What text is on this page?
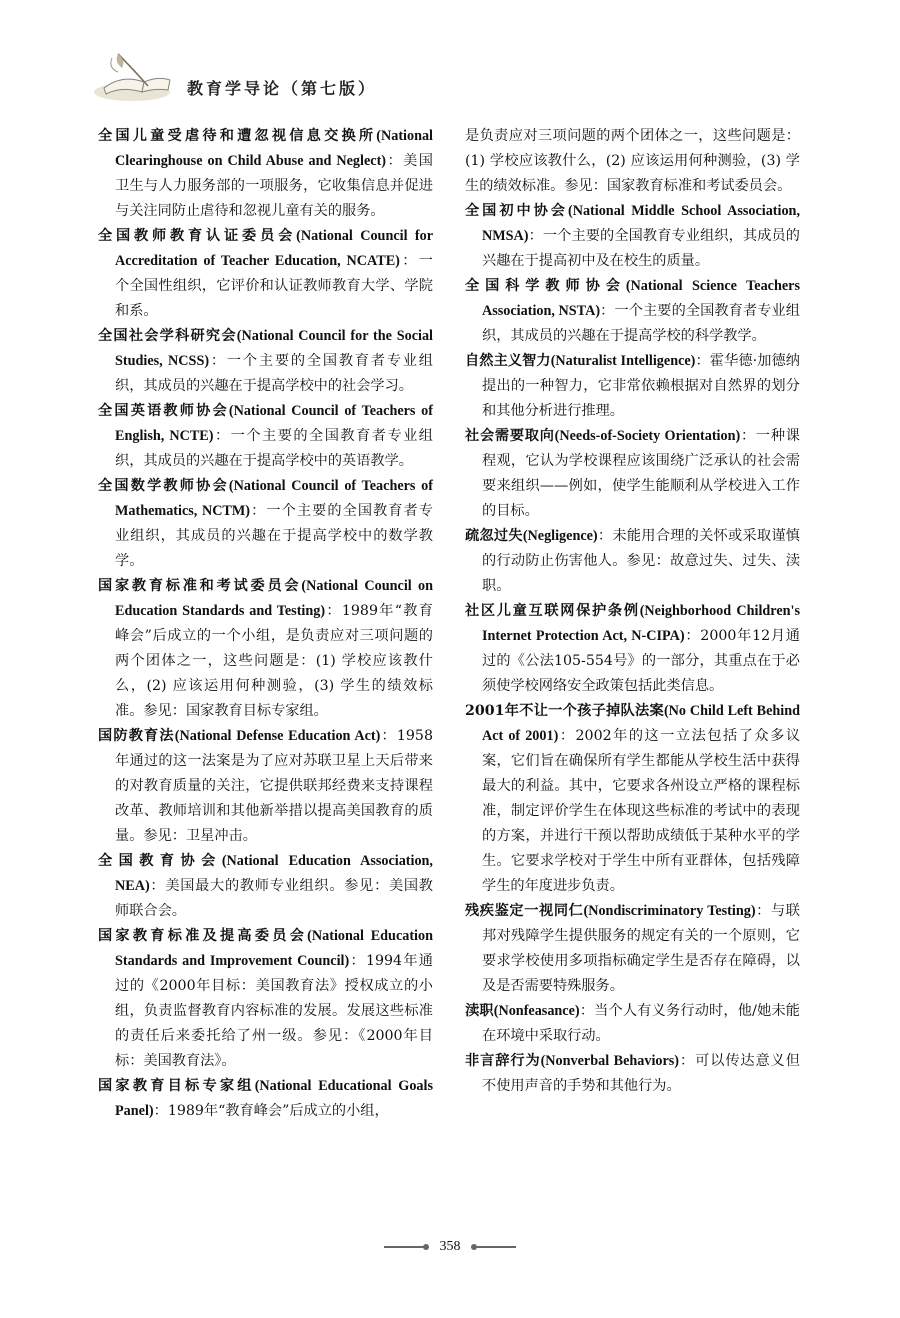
教育学导论（第七版）
全国儿童受虐待和遭忽视信息交换所(National Clearinghouse on Child Abuse and Neglect)：美国卫生与人力服务部的一项服务，它收集信息并促进与关注同防止虐待和忽视儿童有关的服务。
全国教师教育认证委员会(National Council for Accreditation of Teacher Education, NCATE)：一个全国性组织，它评价和认证教师教育大学、学院和系。
全国社会学科研究会(National Council for the Social Studies, NCSS)：一个主要的全国教育者专业组织，其成员的兴趣在于提高学校中的社会学习。
全国英语教师协会(National Council of Teachers of English, NCTE)：一个主要的全国教育者专业组织，其成员的兴趣在于提高学校中的英语教学。
全国数学教师协会(National Council of Teachers of Mathematics, NCTM)：一个主要的全国教育者专业组织，其成员的兴趣在于提高学校中的数学教学。
国家教育标准和考试委员会(National Council on Education Standards and Testing)：1989年“教育峰会”后成立的一个小组，是负责应对三项问题的两个团体之一，这些问题是：(1) 学校应该教什么，(2) 应该运用何种测验，(3) 学生的绩效标准。参见：国家教育目标专家组。
国防教育法(National Defense Education Act)：1958年通过的这一法案是为了应对苏联卫星上天后带来的对教育质量的关注，它提供联邦经费来支持课程改革、教师培训和其他新举措以提高美国教育的质量。参见：卫星冲击。
全国教育协会(National Education Association, NEA)：美国最大的教师专业组织。参见：美国教师联合会。
国家教育标准及提高委员会(National Education Standards and Improvement Council)：1994年通过的《2000年目标：美国教育法》授权成立的小组，负责监督教育内容标准的发展。发展这些标准的责任后来委托给了州一级。参见：《2000年目标：美国教育法》。
国家教育目标专家组(National Educational Goals Panel)：1989年“教育峰会”后成立的小组，
是负责应对三项问题的两个团体之一，这些问题是：(1) 学校应该教什么，(2) 应该运用何种测验，(3) 学生的绩效标准。参见：国家教育标准和考试委员会。
全国初中协会(National Middle School Association, NMSA)：一个主要的全国教育专业组织，其成员的兴趣在于提高初中及在校生的质量。
全国科学教师协会(National Science Teachers Association, NSTA)：一个主要的全国教育者专业组织，其成员的兴趣在于提高学校的科学教学。
自然主义智力(Naturalist Intelligence)：霍华德·加德纳提出的一种智力，它非常依赖根据对自然界的划分和其他分析进行推理。
社会需要取向(Needs-of-Society Orientation)：一种课程观，它认为学校课程应该围绕广泛承认的社会需要来组织——例如，使学生能顺利从学校进入工作的目标。
疏忽过失(Negligence)：未能用合理的关怀或采取谨慎的行动防止伤害他人。参见：故意过失、过失、渎职。
社区儿童互联网保护条例(Neighborhood Children's Internet Protection Act, N-CIPA)：2000年12月通过的《公法105-554号》的一部分，其重点在于必须使学校网络安全政策包括此类信息。
2001年不让一个孩子掉队法案(No Child Left Behind Act of 2001)：2002年的这一立法包括了众多议案，它们旨在确保所有学生都能从学校生活中获得最大的利益。其中，它要求各州设立严格的课程标准，制定评价学生在体现这些标准的考试中的表现的方案，并进行干预以帮助成绩低于某种水平的学生。它要求学校对于学生中所有亚群体，包括残障学生的年度进步负责。
残疾鉴定一视同仁(Nondiscriminatory Testing)：与联邦对残障学生提供服务的规定有关的一个原则，它要求学校使用多项指标确定学生是否存在障碍，以及是否需要特殊服务。
渎职(Nonfeasance)：当个人有义务行动时，他/她未能在环境中采取行动。
非言辞行为(Nonverbal Behaviors)：可以传达意义但不使用声音的手势和其他行为。
358
